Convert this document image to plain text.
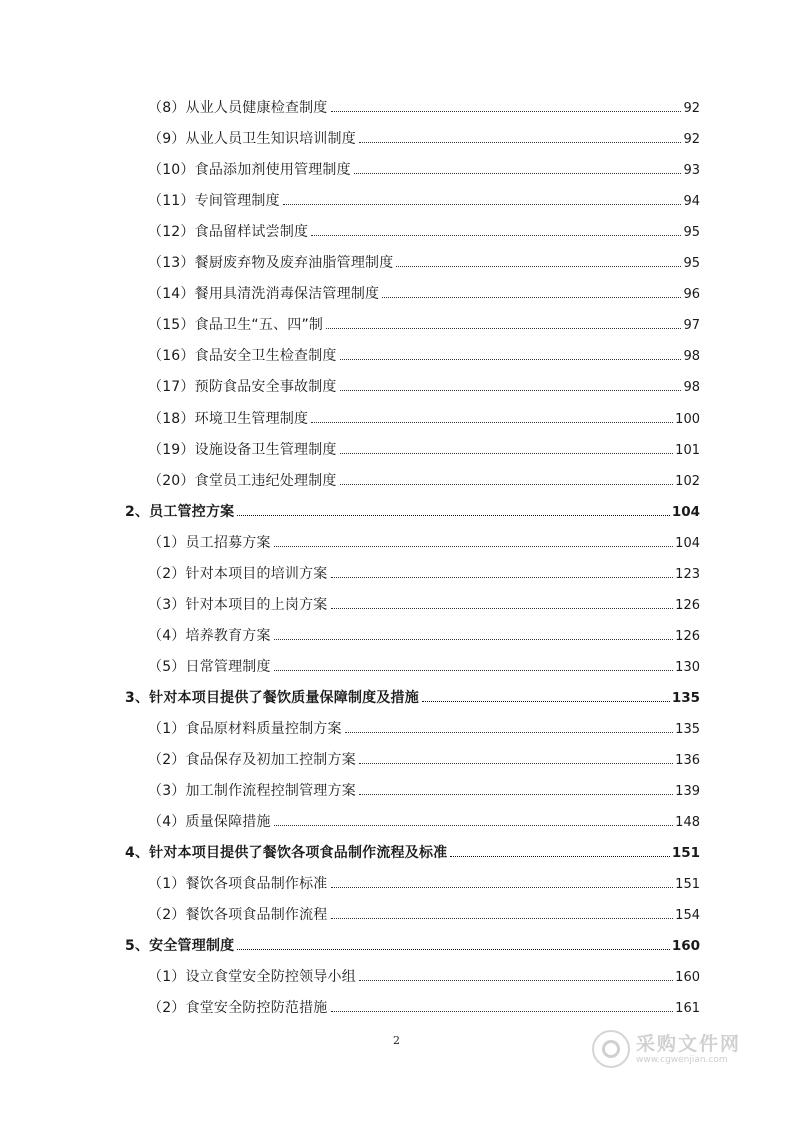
（8）从业人员健康检查制度	92
（9）从业人员卫生知识培训制度	92
（10）食品添加剂使用管理制度	93
（11）专间管理制度	94
（12）食品留样试尝制度	95
（13）餐厨废弃物及废弃油脂管理制度	95
（14）餐用具清洗消毒保洁管理制度	96
（15）食品卫生“五、四”制	97
（16）食品安全卫生检查制度	98
（17）预防食品安全事故制度	98
（18）环境卫生管理制度	100
（19）设施设备卫生管理制度	101
（20）食堂员工违纪处理制度	102
2、员工管控方案	104
（1）员工招募方案	104
（2）针对本项目的培训方案	123
（3）针对本项目的上岗方案	126
（4）培养教育方案	126
（5）日常管理制度	130
3、针对本项目提供了餐饮质量保障制度及措施	135
（1）食品原材料质量控制方案	135
（2）食品保存及初加工控制方案	136
（3）加工制作流程控制管理方案	139
（4）质量保障措施	148
4、针对本项目提供了餐饮各项食品制作流程及标准	151
（1）餐饮各项食品制作标准	151
（2）餐饮各项食品制作流程	154
5、安全管理制度	160
（1）设立食堂安全防控领导小组	160
（2）食堂安全防控防范措施	161
2	采购文件网
www.cgwenjian.com
